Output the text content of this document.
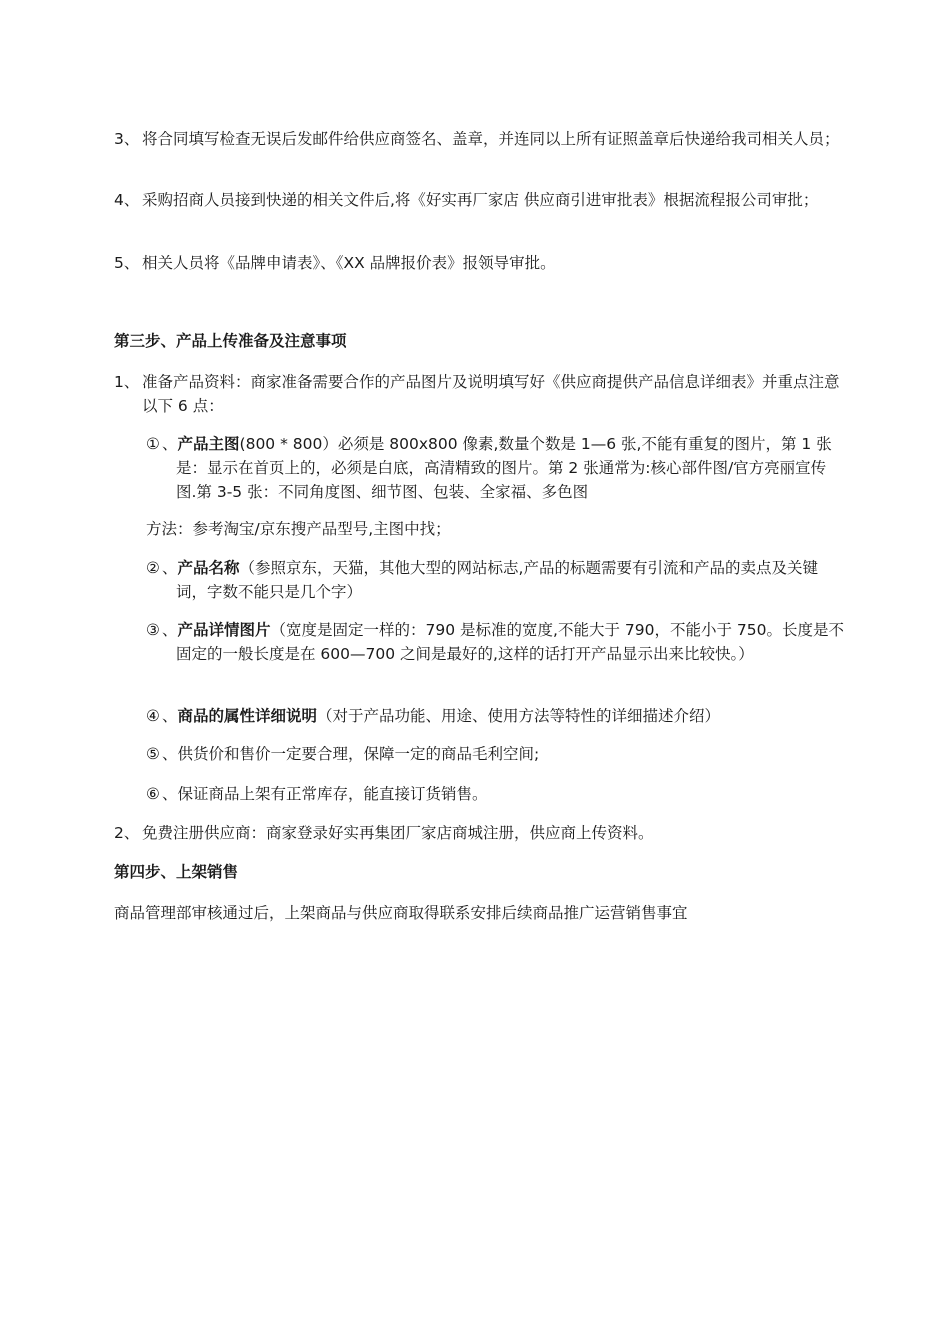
3、 将合同填写检查无误后发邮件给供应商签名、盖章，并连同以上所有证照盖章后快递给我司相关人员；
4、 采购招商人员接到快递的相关文件后,将《好实再厂家店 供应商引进审批表》根据流程报公司审批；
5、 相关人员将《品牌申请表》、《XX 品牌报价表》报领导审批。
第三步、产品上传准备及注意事项
1、 准备产品资料：商家准备需要合作的产品图片及说明填写好《供应商提供产品信息详细表》并重点注意以下 6 点：
① 、产品主图(800 * 800）必须是 800x800 像素,数量个数是 1—6 张,不能有重复的图片，第 1 张是：显示在首页上的，必须是白底，高清精致的图片。第 2 张通常为:核心部件图/官方亮丽宣传图.第 3-5 张：不同角度图、细节图、包装、全家福、多色图
方法：参考淘宝/京东搜产品型号,主图中找；
② 、产品名称（参照京东，天猫，其他大型的网站标志,产品的标题需要有引流和产品的卖点及关键词，字数不能只是几个字）
③ 、产品详情图片（宽度是固定一样的：790 是标准的宽度,不能大于 790，不能小于 750。长度是不固定的一般长度是在 600—700 之间是最好的,这样的话打开产品显示出来比较快。）
④ 、商品的属性详细说明（对于产品功能、用途、使用方法等特性的详细描述介绍）
⑤ 、供货价和售价一定要合理，保障一定的商品毛利空间;
⑥ 、保证商品上架有正常库存，能直接订货销售。
2、 免费注册供应商：商家登录好实再集团厂家店商城注册，供应商上传资料。
第四步、上架销售
商品管理部审核通过后，上架商品与供应商取得联系安排后续商品推广运营销售事宜
